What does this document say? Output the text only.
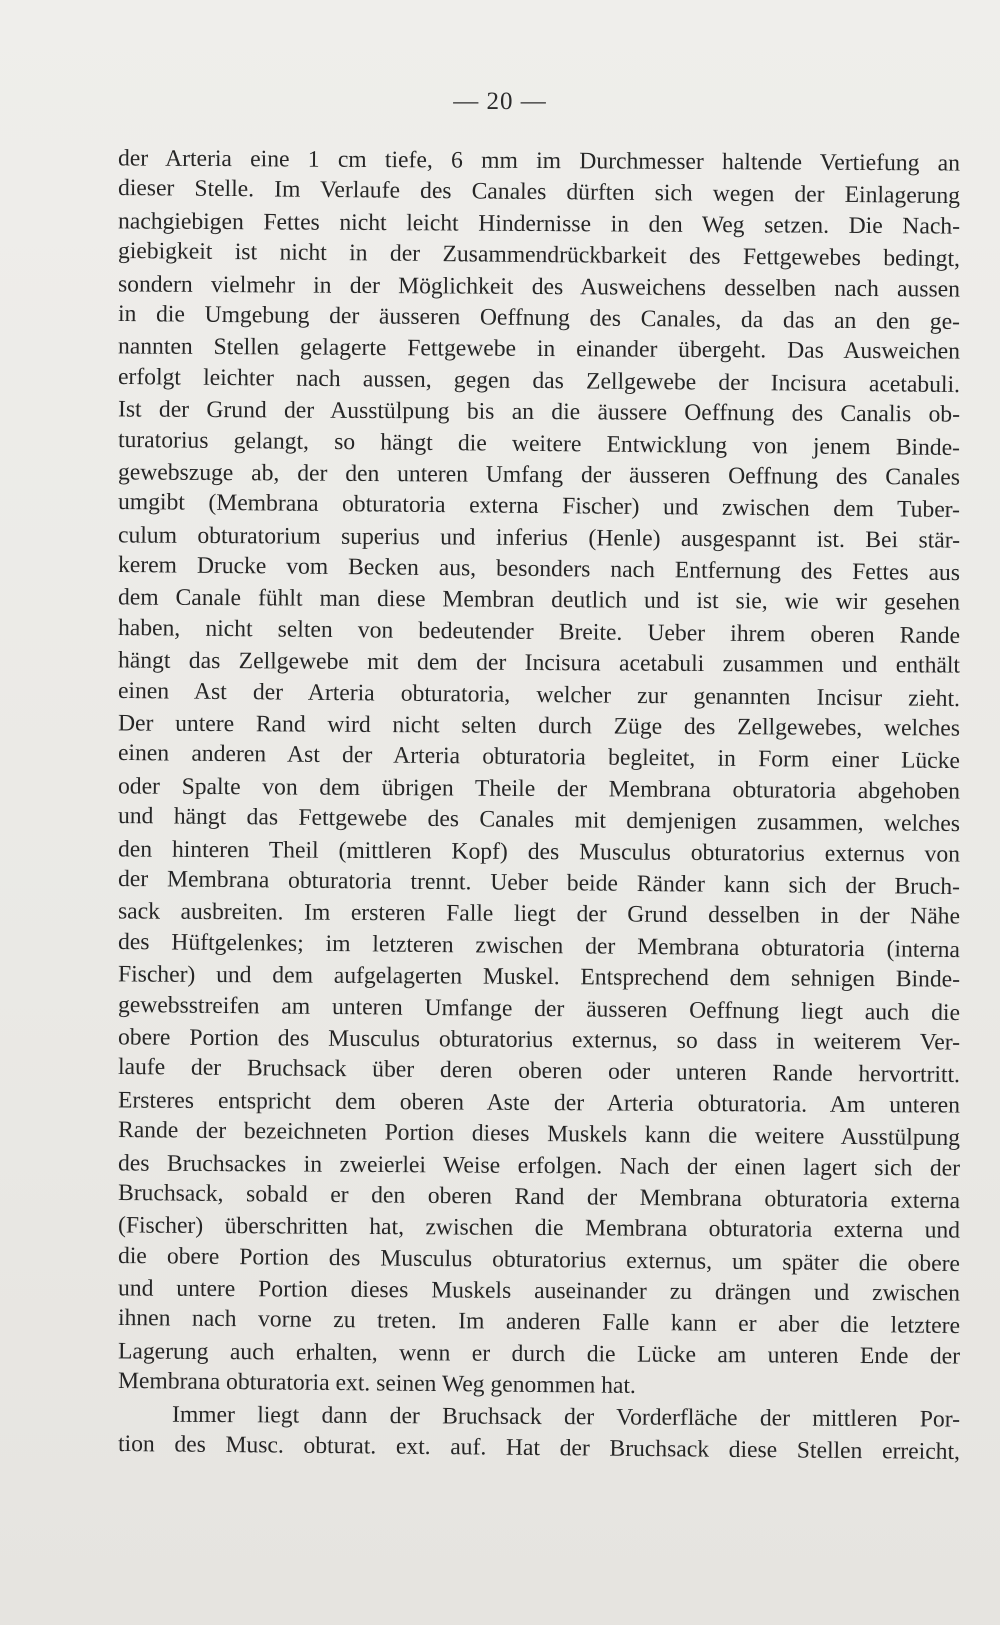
— 20 —
der Arteria eine 1 cm tiefe, 6 mm im Durchmesser haltende Vertiefung an
dieser Stelle. Im Verlaufe des Canales dürften sich wegen der Einlagerung
nachgiebigen Fettes nicht leicht Hindernisse in den Weg setzen. Die Nach-
giebigkeit ist nicht in der Zusammendrückbarkeit des Fettgewebes bedingt,
sondern vielmehr in der Möglichkeit des Ausweichens desselben nach aussen
in die Umgebung der äusseren Oeffnung des Canales, da das an den ge-
nannten Stellen gelagerte Fettgewebe in einander übergeht. Das Ausweichen
erfolgt leichter nach aussen, gegen das Zellgewebe der Incisura acetabuli.
Ist der Grund der Ausstülpung bis an die äussere Oeffnung des Canalis ob-
turatorius gelangt, so hängt die weitere Entwicklung von jenem Binde-
gewebszuge ab, der den unteren Umfang der äusseren Oeffnung des Canales
umgibt (Membrana obturatoria externa Fischer) und zwischen dem Tuber-
culum obturatorium superius und inferius (Henle) ausgespannt ist. Bei stär-
kerem Drucke vom Becken aus, besonders nach Entfernung des Fettes aus
dem Canale fühlt man diese Membran deutlich und ist sie, wie wir gesehen
haben, nicht selten von bedeutender Breite. Ueber ihrem oberen Rande
hängt das Zellgewebe mit dem der Incisura acetabuli zusammen und enthält
einen Ast der Arteria obturatoria, welcher zur genannten Incisur zieht.
Der untere Rand wird nicht selten durch Züge des Zellgewebes, welches
einen anderen Ast der Arteria obturatoria begleitet, in Form einer Lücke
oder Spalte von dem übrigen Theile der Membrana obturatoria abgehoben
und hängt das Fettgewebe des Canales mit demjenigen zusammen, welches
den hinteren Theil (mittleren Kopf) des Musculus obturatorius externus von
der Membrana obturatoria trennt. Ueber beide Ränder kann sich der Bruch-
sack ausbreiten. Im ersteren Falle liegt der Grund desselben in der Nähe
des Hüftgelenkes; im letzteren zwischen der Membrana obturatoria (interna
Fischer) und dem aufgelagerten Muskel. Entsprechend dem sehnigen Binde-
gewebsstreifen am unteren Umfange der äusseren Oeffnung liegt auch die
obere Portion des Musculus obturatorius externus, so dass in weiterem Ver-
laufe der Bruchsack über deren oberen oder unteren Rande hervortritt.
Ersteres entspricht dem oberen Aste der Arteria obturatoria. Am unteren
Rande der bezeichneten Portion dieses Muskels kann die weitere Ausstülpung
des Bruchsackes in zweierlei Weise erfolgen. Nach der einen lagert sich der
Bruchsack, sobald er den oberen Rand der Membrana obturatoria externa
(Fischer) überschritten hat, zwischen die Membrana obturatoria externa und
die obere Portion des Musculus obturatorius externus, um später die obere
und untere Portion dieses Muskels auseinander zu drängen und zwischen
ihnen nach vorne zu treten. Im anderen Falle kann er aber die letztere
Lagerung auch erhalten, wenn er durch die Lücke am unteren Ende der
Membrana obturatoria ext. seinen Weg genommen hat.
Immer liegt dann der Bruchsack der Vorderfläche der mittleren Por-
tion des Musc. obturat. ext. auf. Hat der Bruchsack diese Stellen erreicht,
